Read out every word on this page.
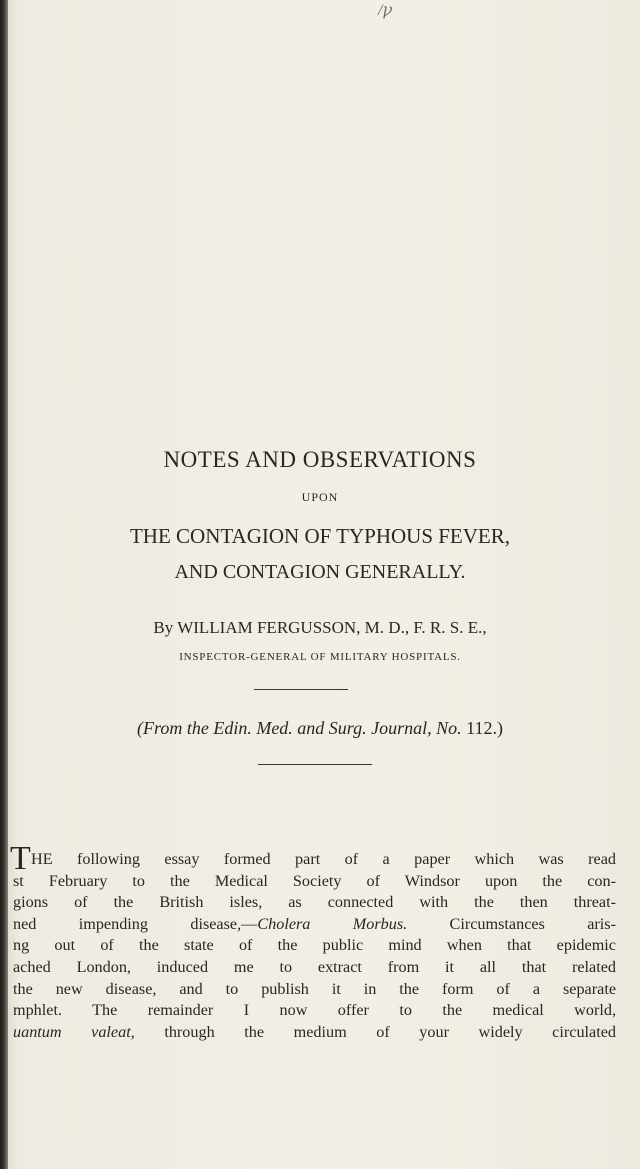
/ꝩ
NOTES AND OBSERVATIONS
UPON
THE CONTAGION OF TYPHOUS FEVER,
AND CONTAGION GENERALLY.
By WILLIAM FERGUSSON, M. D., F. R. S. E.,
INSPECTOR-GENERAL OF MILITARY HOSPITALS.
(From the Edin. Med. and Surg. Journal, No. 112.)
T HE following essay formed part of a paper which was read
st February to the Medical Society of Windsor upon the con-
gions of the British isles, as connected with the then threat-
ned impending disease,—Cholera Morbus. Circumstances aris-
ng out of the state of the public mind when that epidemic
ached London, induced me to extract from it all that related
the new disease, and to publish it in the form of a separate
mphlet. The remainder I now offer to the medical world,
uantum valeat, through the medium of your widely circulated
